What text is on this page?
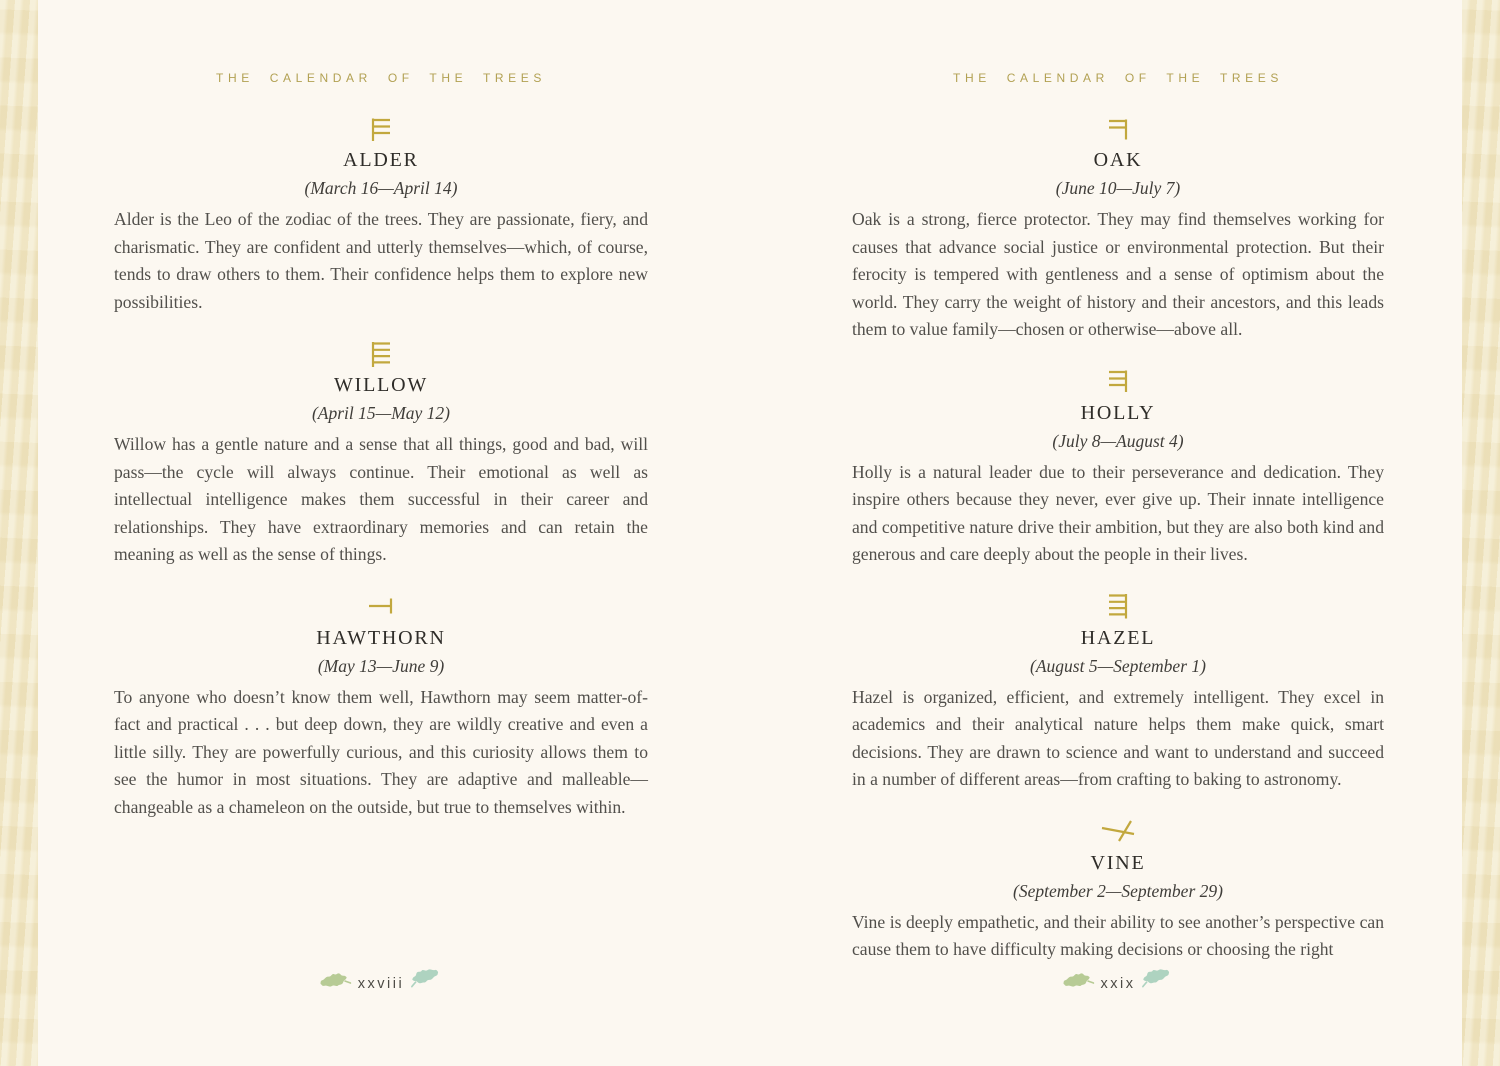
THE CALENDAR OF THE TREES
ALDER
(March 16—April 14)

Alder is the Leo of the zodiac of the trees. They are passionate, fiery, and charismatic. They are confident and utterly themselves—which, of course, tends to draw others to them. Their confidence helps them to explore new possibilities.

WILLOW
(April 15—May 12)

Willow has a gentle nature and a sense that all things, good and bad, will pass—the cycle will always continue. Their emotional as well as intellectual intelligence makes them successful in their career and relationships. They have extraordinary memories and can retain the meaning as well as the sense of things.

HAWTHORN
(May 13—June 9)

To anyone who doesn’t know them well, Hawthorn may seem matter-of-fact and practical . . . but deep down, they are wildly creative and even a little silly. They are powerfully curious, and this curiosity allows them to see the humor in most situations. They are adaptive and malleable—changeable as a chameleon on the outside, but true to themselves within.

xxviii
THE CALENDAR OF THE TREES
OAK
(June 10—July 7)

Oak is a strong, fierce protector. They may find themselves working for causes that advance social justice or environmental protection. But their ferocity is tempered with gentleness and a sense of optimism about the world. They carry the weight of history and their ancestors, and this leads them to value family—chosen or otherwise—above all.

HOLLY
(July 8—August 4)

Holly is a natural leader due to their perseverance and dedication. They inspire others because they never, ever give up. Their innate intelligence and competitive nature drive their ambition, but they are also both kind and generous and care deeply about the people in their lives.

HAZEL
(August 5—September 1)

Hazel is organized, efficient, and extremely intelligent. They excel in academics and their analytical nature helps them make quick, smart decisions. They are drawn to science and want to understand and succeed in a number of different areas—from crafting to baking to astronomy.

VINE
(September 2—September 29)

Vine is deeply empathetic, and their ability to see another’s perspective can cause them to have difficulty making decisions or choosing the right

xxix
